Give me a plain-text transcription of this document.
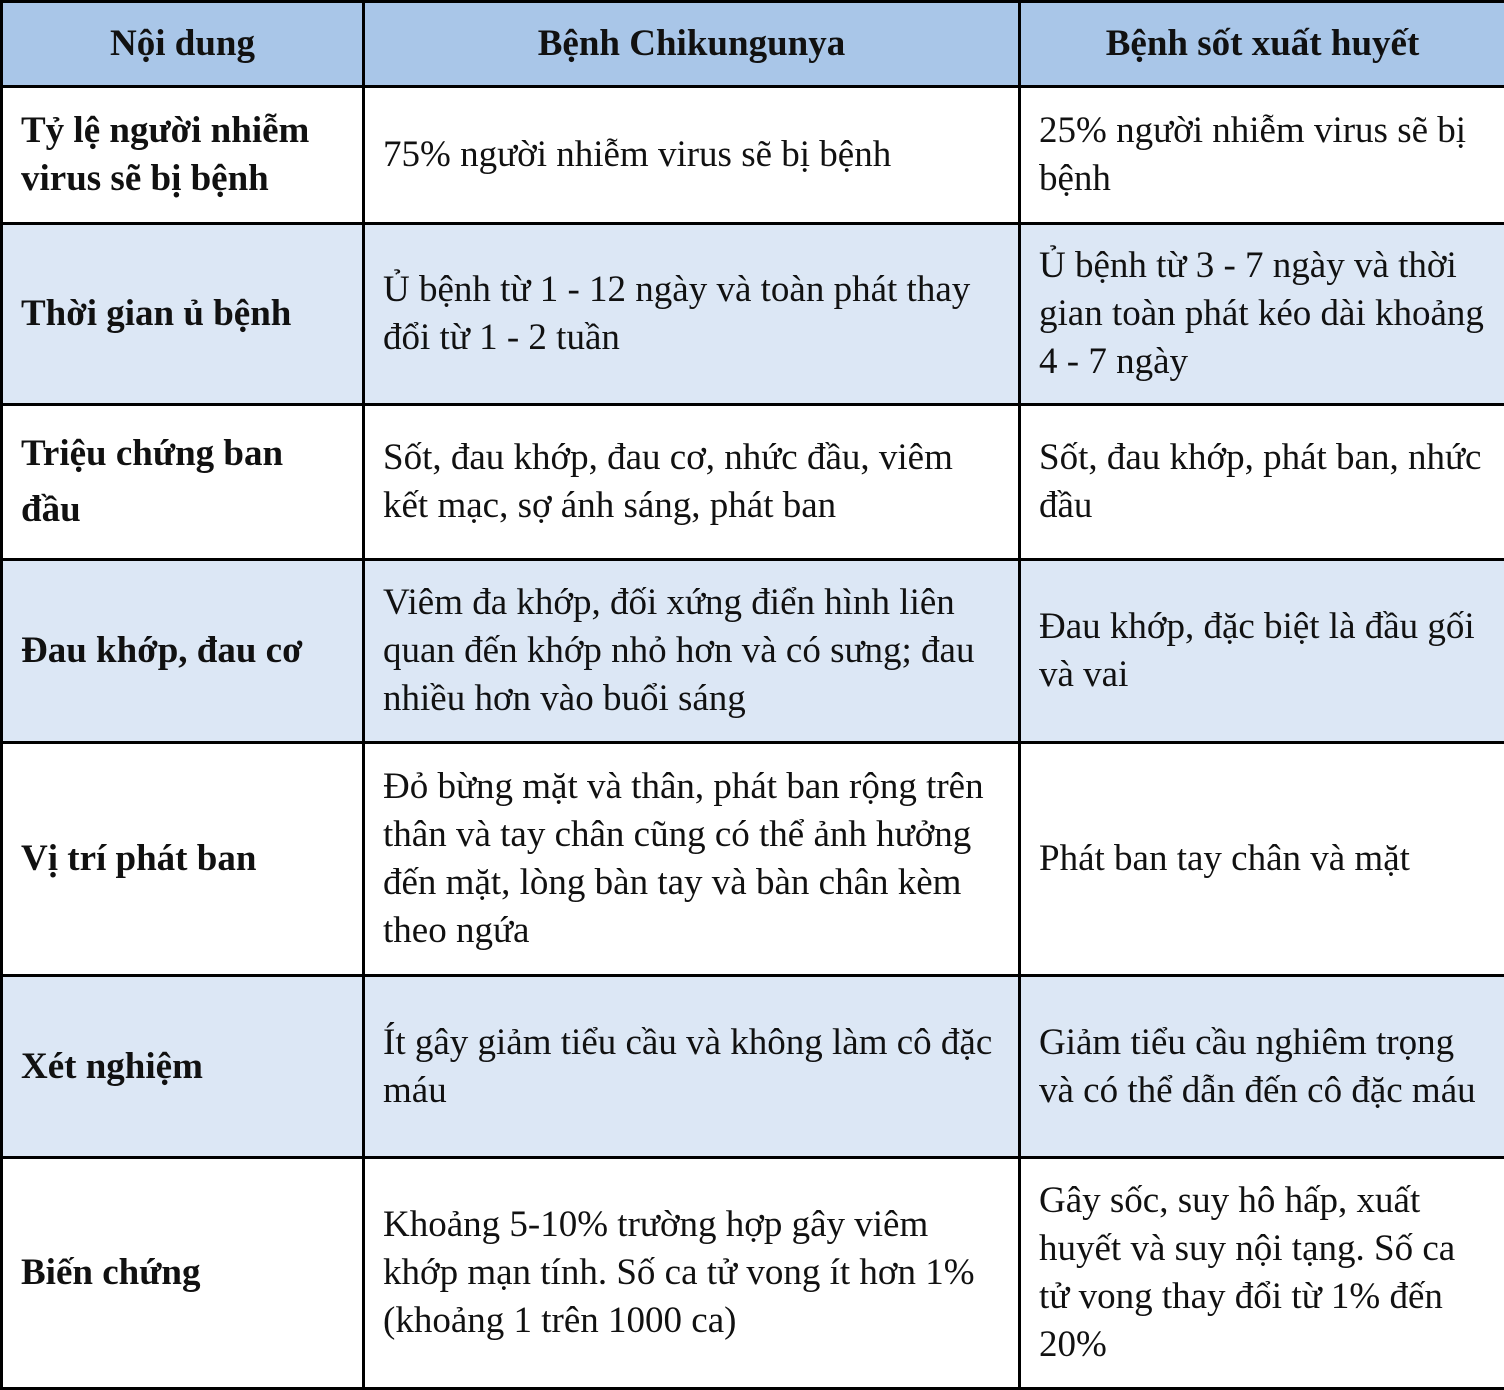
Nội dung	Bệnh Chikungunya	Bệnh sốt xuất huyết
Tỷ lệ người nhiễm virus sẽ bị bệnh	75% người nhiễm virus sẽ bị bệnh	25% người nhiễm virus sẽ bị bệnh
Thời gian ủ bệnh	Ủ bệnh từ 1 - 12 ngày và toàn phát thay đổi từ 1 - 2 tuần	Ủ bệnh từ 3 - 7 ngày và thời gian toàn phát kéo dài khoảng 4 - 7 ngày
Triệu chứng ban đầu	Sốt, đau khớp, đau cơ, nhức đầu, viêm kết mạc, sợ ánh sáng, phát ban	Sốt, đau khớp, phát ban, nhức đầu
Đau khớp, đau cơ	Viêm đa khớp, đối xứng điển hình liên quan đến khớp nhỏ hơn và có sưng; đau nhiều hơn vào buổi sáng	Đau khớp, đặc biệt là đầu gối và vai
Vị trí phát ban	Đỏ bừng mặt và thân, phát ban rộng trên thân và tay chân cũng có thể ảnh hưởng đến mặt, lòng bàn tay và bàn chân kèm theo ngứa	Phát ban tay chân và mặt
Xét nghiệm	Ít gây giảm tiểu cầu và không làm cô đặc máu	Giảm tiểu cầu nghiêm trọng và có thể dẫn đến cô đặc máu
Biến chứng	Khoảng 5-10% trường hợp gây viêm khớp mạn tính. Số ca tử vong ít hơn 1% (khoảng 1 trên 1000 ca)	Gây sốc, suy hô hấp, xuất huyết và suy nội tạng. Số ca tử vong thay đổi từ 1% đến 20%
